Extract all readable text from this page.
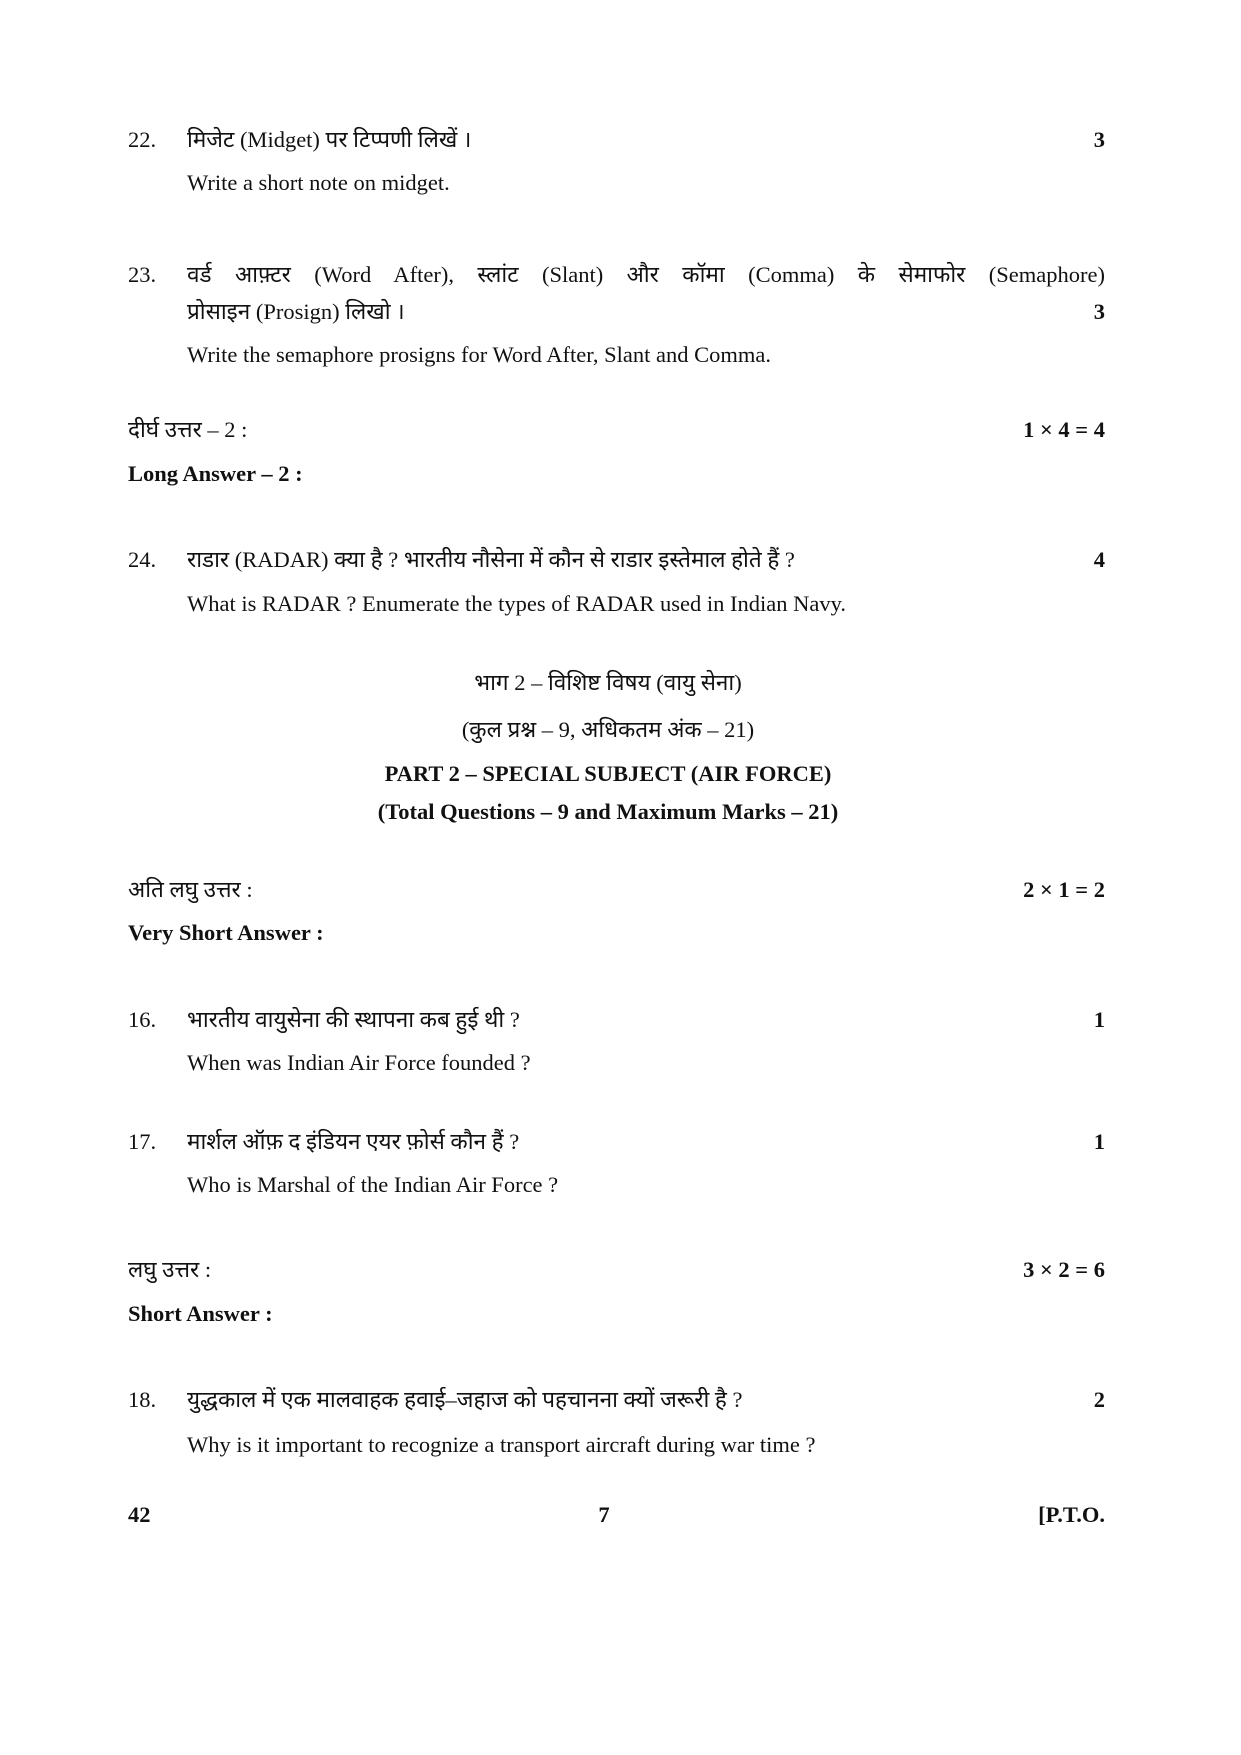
22.	मिजेट (Midget) पर टिप्पणी लिखें ।	3
Write a short note on midget.
23.	वर्ड आफ़्टर (Word After), स्लांट (Slant) और कॉमा (Comma) के सेमाफोर (Semaphore)
प्रोसाइन (Prosign) लिखो ।	3
Write the semaphore prosigns for Word After, Slant and Comma.
दीर्घ उत्तर – 2 :	1 × 4 = 4
Long Answer – 2 :
24.	राडार (RADAR) क्या है ? भारतीय नौसेना में कौन से राडार इस्तेमाल होते हैं ?	4
What is RADAR ? Enumerate the types of RADAR used in Indian Navy.
भाग 2 – विशिष्ट विषय (वायु सेना)
(कुल प्रश्न – 9, अधिकतम अंक – 21)
PART 2 – SPECIAL SUBJECT (AIR FORCE)
(Total Questions – 9 and Maximum Marks – 21)
अति लघु उत्तर :	2 × 1 = 2
Very Short Answer :
16.	भारतीय वायुसेना की स्थापना कब हुई थी ?	1
When was Indian Air Force founded ?
17.	मार्शल ऑफ़ द इंडियन एयर फ़ोर्स कौन हैं ?	1
Who is Marshal of the Indian Air Force ?
लघु उत्तर :	3 × 2 = 6
Short Answer :
18.	युद्धकाल में एक मालवाहक हवाई–जहाज को पहचानना क्यों जरूरी है ?	2
Why is it important to recognize a transport aircraft during war time ?
42	7	[P.T.O.
